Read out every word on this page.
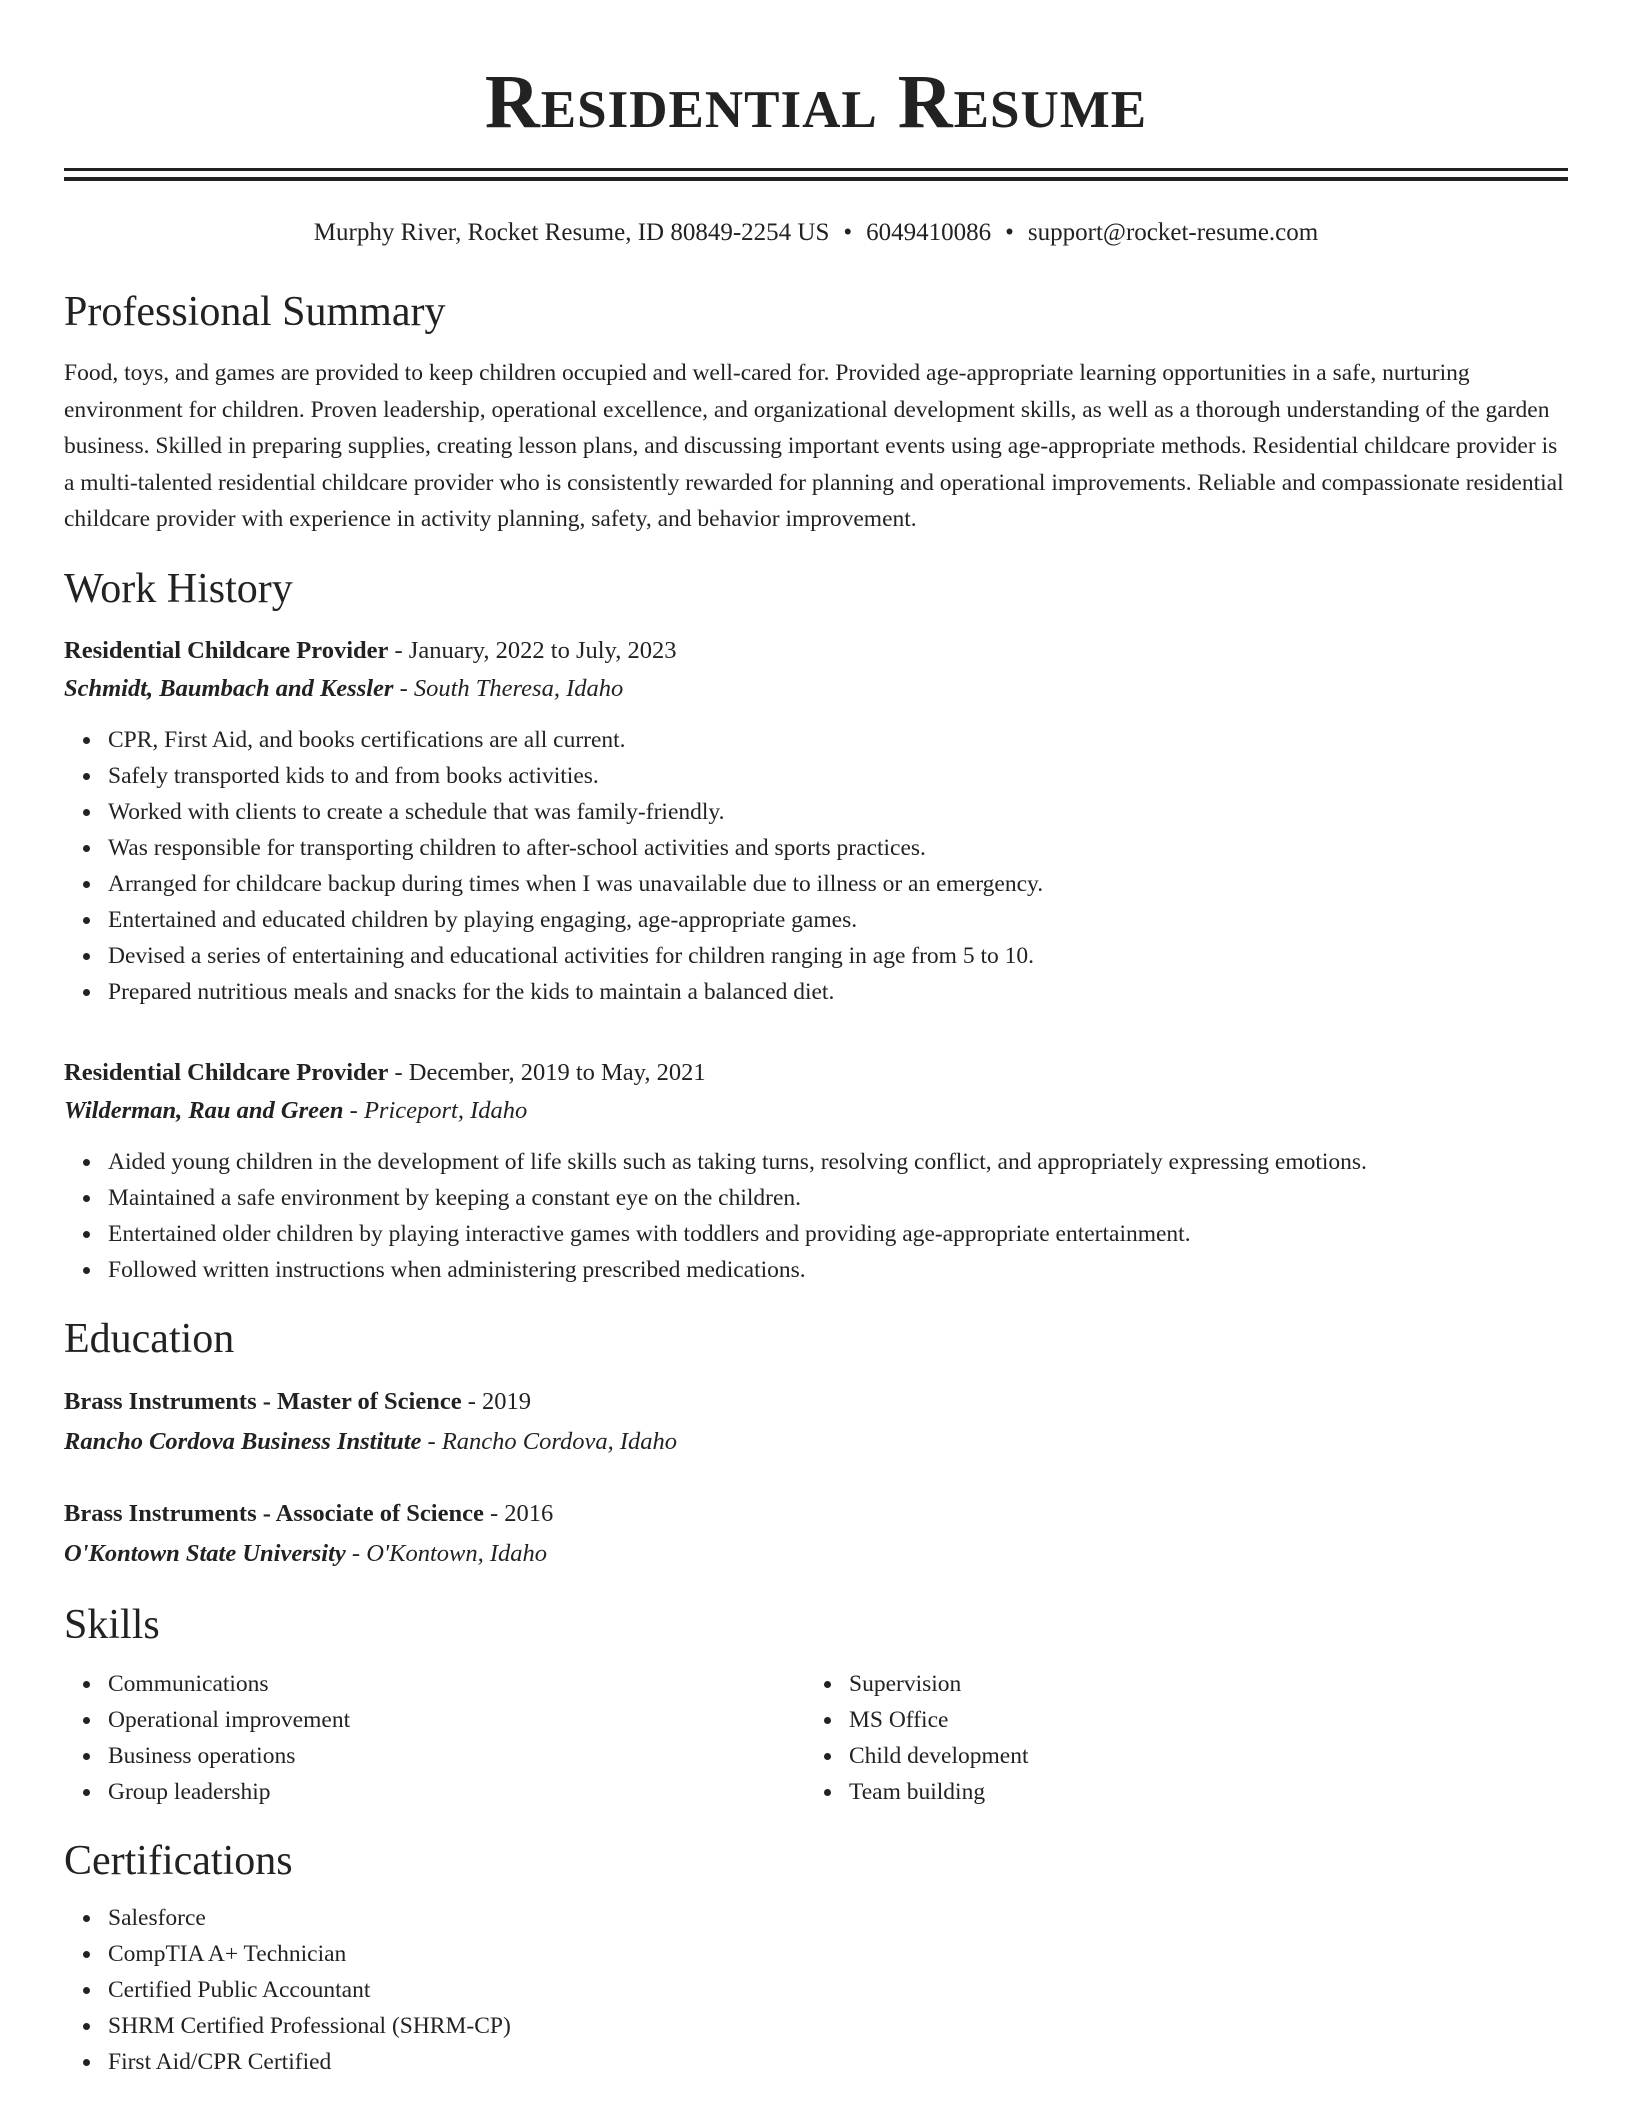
Residential Resume
Murphy River, Rocket Resume, ID 80849-2254 US • 6049410086 • support@rocket-resume.com
Professional Summary

Food, toys, and games are provided to keep children occupied and well-cared for. Provided age-appropriate learning opportunities in a safe, nurturing environment for children. Proven leadership, operational excellence, and organizational development skills, as well as a thorough understanding of the garden business. Skilled in preparing supplies, creating lesson plans, and discussing important events using age-appropriate methods. Residential childcare provider is a multi-talented residential childcare provider who is consistently rewarded for planning and operational improvements. Reliable and compassionate residential childcare provider with experience in activity planning, safety, and behavior improvement.

Work History
Residential Childcare Provider - January, 2022 to July, 2023
Schmidt, Baumbach and Kessler - South Theresa, Idaho
CPR, First Aid, and books certifications are all current.
Safely transported kids to and from books activities.
Worked with clients to create a schedule that was family-friendly.
Was responsible for transporting children to after-school activities and sports practices.
Arranged for childcare backup during times when I was unavailable due to illness or an emergency.
Entertained and educated children by playing engaging, age-appropriate games.
Devised a series of entertaining and educational activities for children ranging in age from 5 to 10.
Prepared nutritious meals and snacks for the kids to maintain a balanced diet.
Residential Childcare Provider - December, 2019 to May, 2021
Wilderman, Rau and Green - Priceport, Idaho
Aided young children in the development of life skills such as taking turns, resolving conflict, and appropriately expressing emotions.
Maintained a safe environment by keeping a constant eye on the children.
Entertained older children by playing interactive games with toddlers and providing age-appropriate entertainment.
Followed written instructions when administering prescribed medications.
Education
Brass Instruments - Master of Science - 2019
Rancho Cordova Business Institute - Rancho Cordova, Idaho
Brass Instruments - Associate of Science - 2016
O'Kontown State University - O'Kontown, Idaho
Skills
Communications
Operational improvement
Business operations
Group leadership
Supervision
MS Office
Child development
Team building
Certifications
Salesforce
CompTIA A+ Technician
Certified Public Accountant
SHRM Certified Professional (SHRM-CP)
First Aid/CPR Certified
